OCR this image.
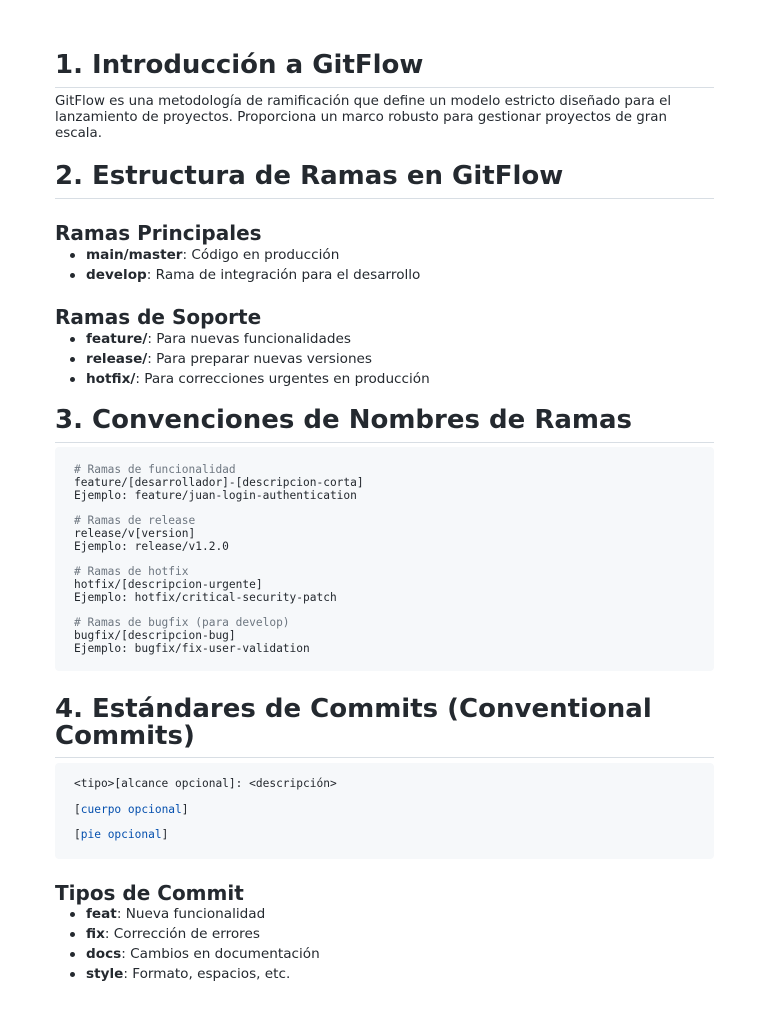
1. Introducción a GitFlow

GitFlow es una metodología de ramificación que define un modelo estricto diseñado para el lanzamiento de proyectos. Proporciona un marco robusto para gestionar proyectos de gran escala.

2. Estructura de Ramas en GitFlow
Ramas Principales
main/master: Código en producción
develop: Rama de integración para el desarrollo
Ramas de Soporte
feature/: Para nuevas funcionalidades
release/: Para preparar nuevas versiones
hotfix/: Para correcciones urgentes en producción
3. Convenciones de Nombres de Ramas
# Ramas de funcionalidad
feature/[desarrollador]-[descripcion-corta]
Ejemplo: feature/juan-login-authentication
# Ramas de release
release/v[version]
Ejemplo: release/v1.2.0
# Ramas de hotfix
hotfix/[descripcion-urgente]
Ejemplo: hotfix/critical-security-patch
# Ramas de bugfix (para develop)
bugfix/[descripcion-bug]
Ejemplo: bugfix/fix-user-validation
4. Estándares de Commits (Conventional Commits)
<tipo>[alcance opcional]: <descripción>
[cuerpo opcional]
[pie opcional]
Tipos de Commit
feat: Nueva funcionalidad
fix: Corrección de errores
docs: Cambios en documentación
style: Formato, espacios, etc.
